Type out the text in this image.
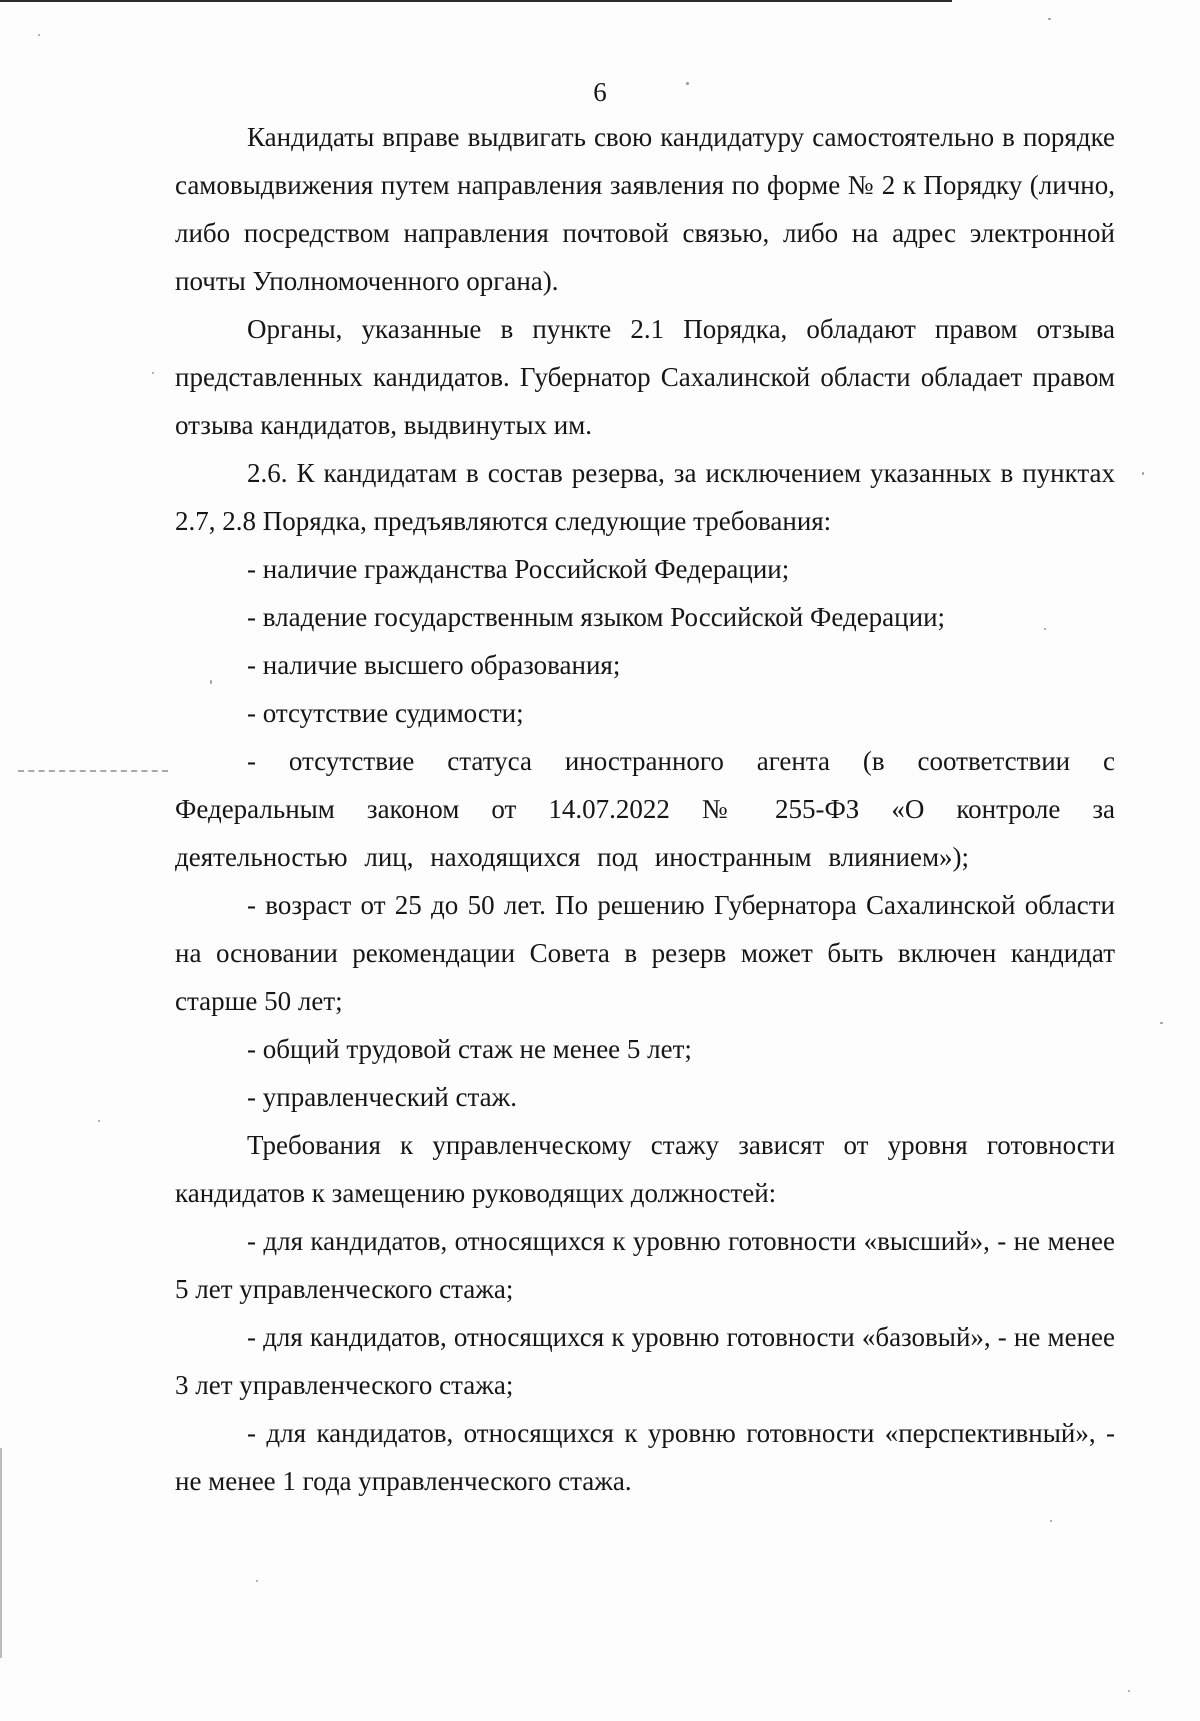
6

Кандидаты вправе выдвигать свою кандидатуру самостоятельно в порядке самовыдвижения путем направления заявления по форме № 2 к Порядку (лично, либо посредством направления почтовой связью, либо на адрес электронной почты Уполномоченного органа).

Органы, указанные в пункте 2.1 Порядка, обладают правом отзыва представленных кандидатов. Губернатор Сахалинской области обладает правом отзыва кандидатов, выдвинутых им.

2.6. К кандидатам в состав резерва, за исключением указанных в пунктах 2.7, 2.8 Порядка, предъявляются следующие требования:

- наличие гражданства Российской Федерации;

- владение государственным языком Российской Федерации;

- наличие высшего образования;

- отсутствие судимости;

- отсутствие статуса иностранного агента (в соответствии с Федеральным законом от 14.07.2022 № 255-ФЗ «О контроле за деятельностью лиц, находящихся под иностранным влиянием»);

- возраст от 25 до 50 лет. По решению Губернатора Сахалинской области на основании рекомендации Совета в резерв может быть включен кандидат старше 50 лет;

- общий трудовой стаж не менее 5 лет;

- управленческий стаж.

Требования к управленческому стажу зависят от уровня готовности кандидатов к замещению руководящих должностей:

- для кандидатов, относящихся к уровню готовности «высший», - не менее 5 лет управленческого стажа;

- для кандидатов, относящихся к уровню готовности «базовый», - не менее 3 лет управленческого стажа;

- для кандидатов, относящихся к уровню готовности «перспективный», - не менее 1 года управленческого стажа.
